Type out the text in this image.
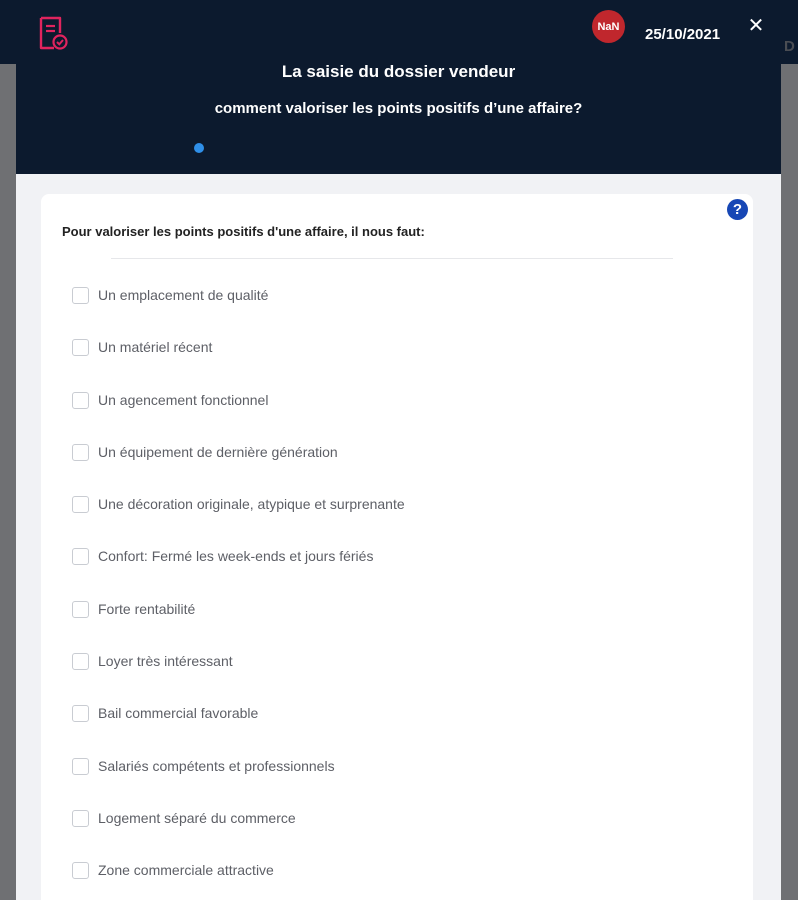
D
NaN	25/10/2021 ✕
La saisie du dossier vendeur
comment valoriser les points positifs d’une affaire?
?
Pour valoriser les points positifs d'une affaire, il nous faut:
Un emplacement de qualité
Un matériel récent
Un agencement fonctionnel
Un équipement de dernière génération
Une décoration originale, atypique et surprenante
Confort: Fermé les week-ends et jours fériés
Forte rentabilité
Loyer très intéressant
Bail commercial favorable
Salariés compétents et professionnels
Logement séparé du commerce
Zone commerciale attractive
